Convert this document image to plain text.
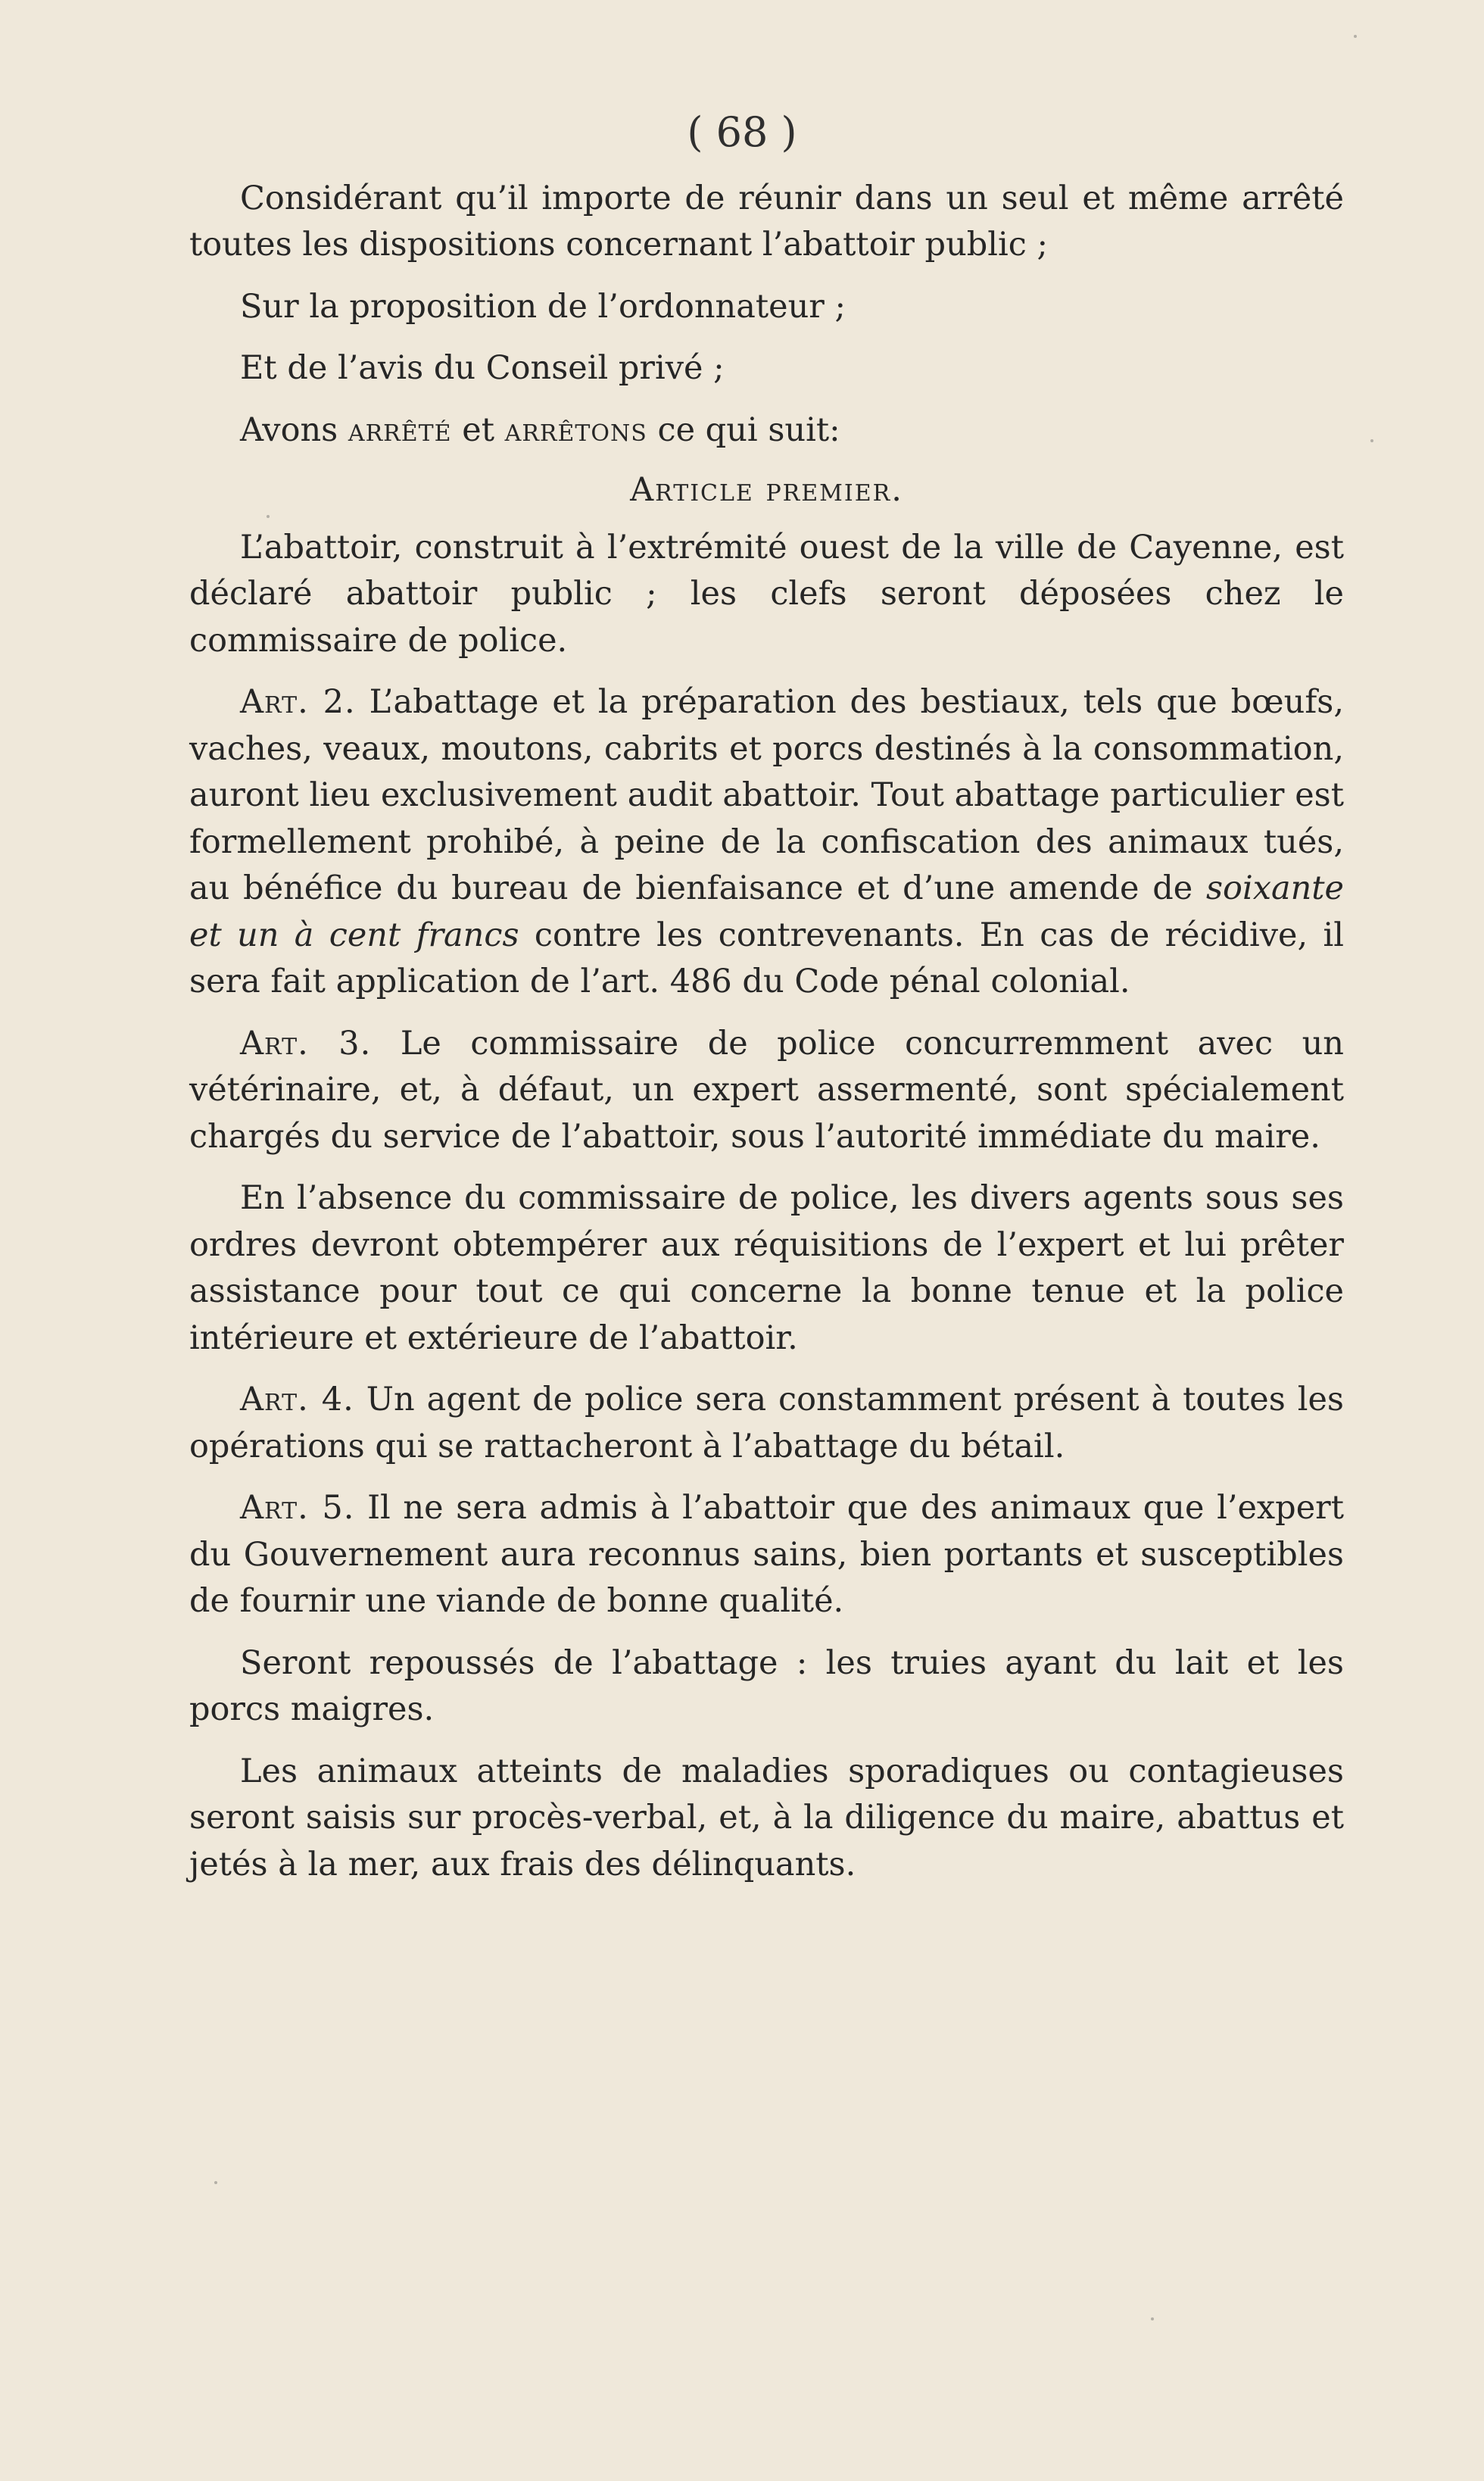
( 68 )

Considérant qu’il importe de réunir dans un seul et même arrêté toutes les dispositions concernant l’abattoir public ;

Sur la proposition de l’ordonnateur ;

Et de l’avis du Conseil privé ;

Avons arrêté et arrêtons ce qui suit:

Article premier.

L’abattoir, construit à l’extrémité ouest de la ville de Cayenne, est déclaré abattoir public ; les clefs seront déposées chez le commissaire de police.

Art. 2. L’abattage et la préparation des bestiaux, tels que bœufs, vaches, veaux, moutons, cabrits et porcs destinés à la consommation, auront lieu exclusivement audit abattoir. Tout abattage particulier est formellement prohibé, à peine de la confiscation des animaux tués, au bénéfice du bureau de bienfaisance et d’une amende de soixante et un à cent francs contre les contrevenants. En cas de récidive, il sera fait application de l’art. 486 du Code pénal colonial.

Art. 3. Le commissaire de police concurremment avec un vétérinaire, et, à défaut, un expert assermenté, sont spécialement chargés du service de l’abattoir, sous l’autorité immédiate du maire.

En l’absence du commissaire de police, les divers agents sous ses ordres devront obtempérer aux réquisitions de l’expert et lui prêter assistance pour tout ce qui concerne la bonne tenue et la police intérieure et extérieure de l’abattoir.

Art. 4. Un agent de police sera constamment présent à toutes les opérations qui se rattacheront à l’abattage du bétail.

Art. 5. Il ne sera admis à l’abattoir que des animaux que l’expert du Gouvernement aura reconnus sains, bien portants et susceptibles de fournir une viande de bonne qualité.

Seront repoussés de l’abattage : les truies ayant du lait et les porcs maigres.

Les animaux atteints de maladies sporadiques ou contagieuses seront saisis sur procès-verbal, et, à la diligence du maire, abattus et jetés à la mer, aux frais des délinquants.
